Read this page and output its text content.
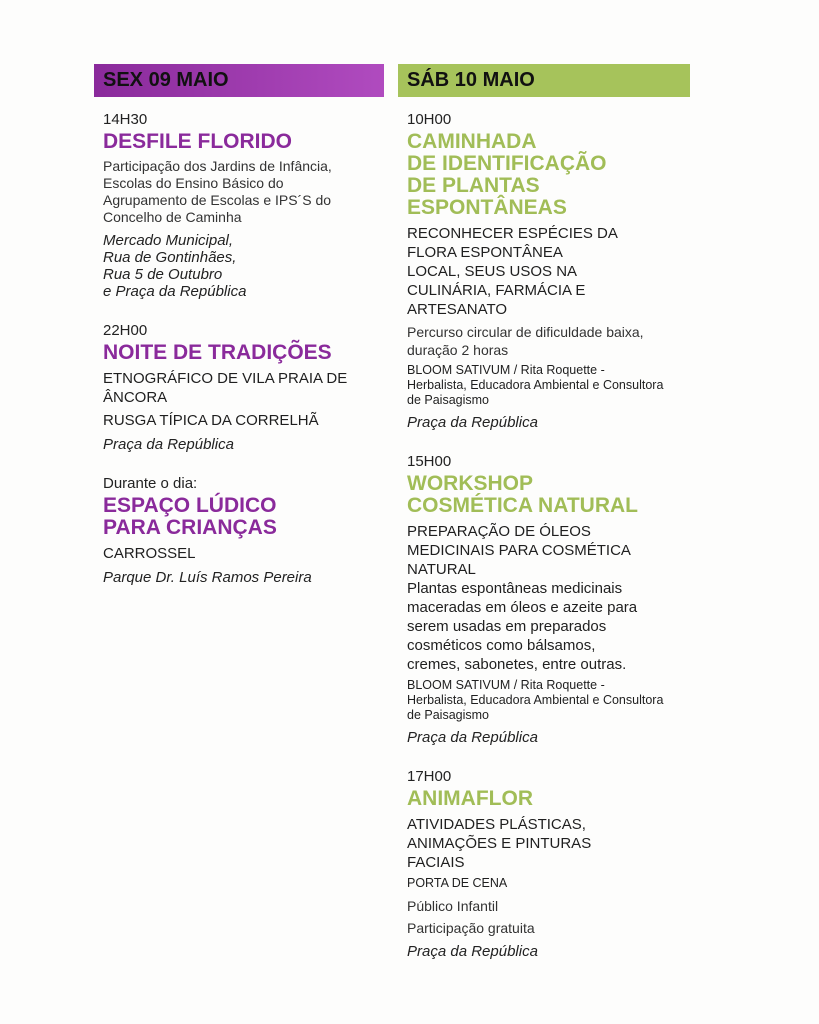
SEX 09 MAIO
14H30
DESFILE FLORIDO
Participação dos Jardins de Infância,
Escolas do Ensino Básico do
Agrupamento de Escolas e IPS´S do
Concelho de Caminha
Mercado Municipal,
Rua de Gontinhães,
Rua 5 de Outubro
e Praça da República
22H00
NOITE DE TRADIÇÕES
ETNOGRÁFICO DE VILA PRAIA DE
ÂNCORA
RUSGA TÍPICA DA CORRELHÃ
Praça da República
Durante o dia:
ESPAÇO LÚDICO
PARA CRIANÇAS
CARROSSEL
Parque Dr. Luís Ramos Pereira
SÁB 10 MAIO
10H00
CAMINHADA
DE IDENTIFICAÇÃO
DE PLANTAS
ESPONTÂNEAS
RECONHECER ESPÉCIES DA
FLORA ESPONTÂNEA
LOCAL, SEUS USOS NA
CULINÁRIA, FARMÁCIA E
ARTESANATO
Percurso circular de dificuldade baixa,
duração 2 horas
BLOOM SATIVUM / Rita Roquette -
Herbalista, Educadora Ambiental e Consultora
de Paisagismo
Praça da República
15H00
WORKSHOP
COSMÉTICA NATURAL
PREPARAÇÃO DE ÓLEOS
MEDICINAIS PARA COSMÉTICA
NATURAL
Plantas espontâneas medicinais
maceradas em óleos e azeite para
serem usadas em preparados
cosméticos como bálsamos,
cremes, sabonetes, entre outras.
BLOOM SATIVUM / Rita Roquette -
Herbalista, Educadora Ambiental e Consultora
de Paisagismo
Praça da República
17H00
ANIMAFLOR
ATIVIDADES PLÁSTICAS,
ANIMAÇÕES E PINTURAS
FACIAIS
PORTA DE CENA
Público Infantil
Participação gratuita
Praça da República
